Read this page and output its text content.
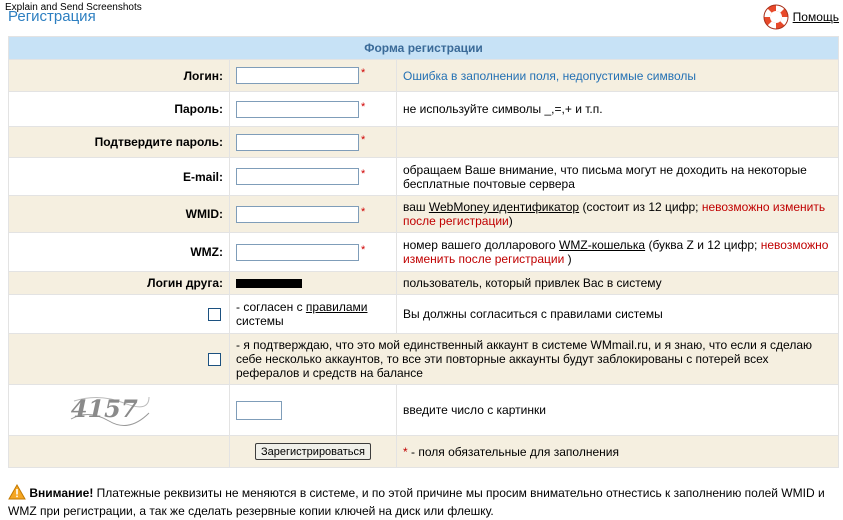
Explain and Send Screenshots
Регистрация	Помощь
Форма регистрации		
Логин:	*	Ошибка в заполнении поля, недопустимые символы
Пароль:	*	не используйте символы _,=,+ и т.п.
Подтвердите пароль:	*	
E-mail:	*	обращаем Ваше внимание, что письма могут не доходить на некоторые бесплатные почтовые сервера
WMID:	*	ваш WebMoney идентификатор (состоит из 12 цифр; невозможно изменить после регистрации)
WMZ:	*	номер вашего долларового WMZ-кошелька (буква Z и 12 цифр; невозможно изменить после регистрации )
Логин друга:		пользователь, который привлек Вас в систему
	- согласен с правилами системы	Вы должны согласиться с правилами системы
	- я подтверждаю, что это мой единственный аккаунт в системе WMmail.ru, и я знаю, что если я сделаю себе несколько аккаунтов, то все эти повторные аккаунты будут заблокированы с потерей всех рефералов и средств на балансе	

4157		введите число с картинки
	Зарегистрироваться	* - поля обязательные для заполнения
Внимание! Платежные реквизиты не меняются в системе, и по этой причине мы просим внимательно отнестись к заполнению полей WMID и WMZ при регистрации, а так же сделать резервные копии ключей на диск или флешку.
